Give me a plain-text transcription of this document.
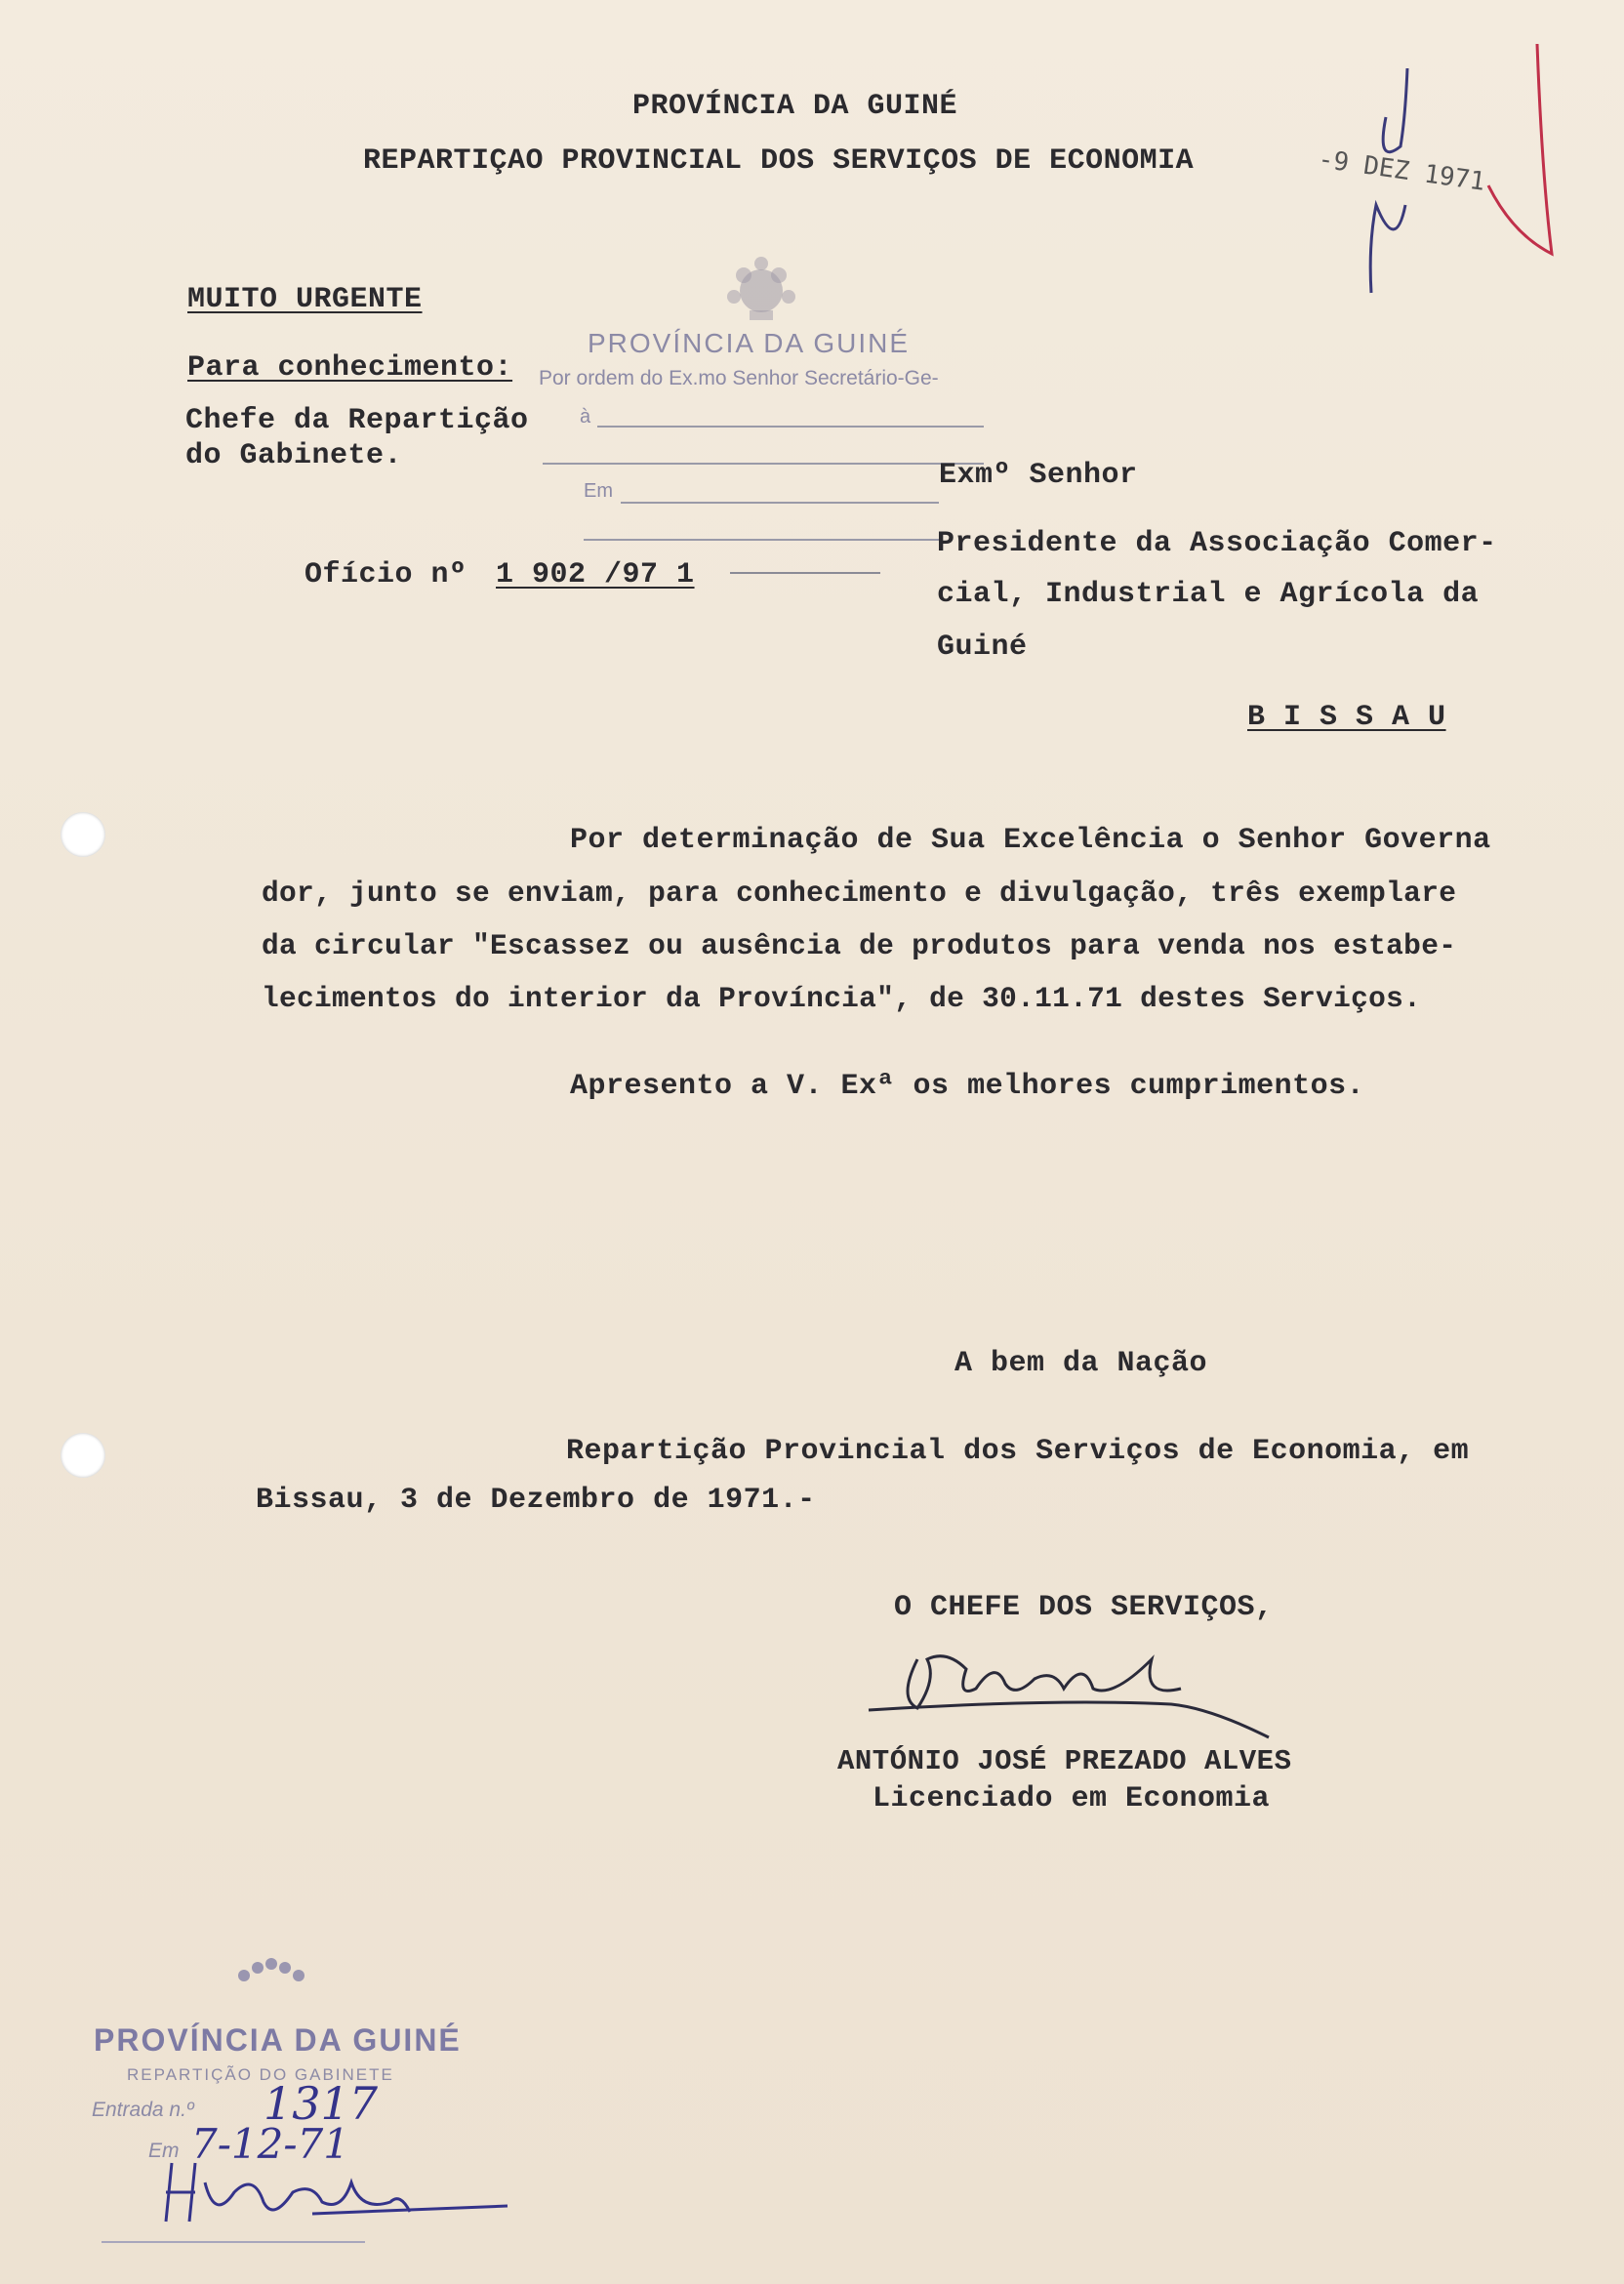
PROVÍNCIA DA GUINÉ
REPARTIÇAO PROVINCIAL DOS SERVIÇOS DE ECONOMIA	-9 DEZ 1971
MUITO URGENTE
PROVÍNCIA DA GUINÉ
Por ordem do Ex.mo Senhor Secretário-Ge-
à
Em
Para conhecimento:
Chefe da Repartição
do Gabinete.
Exmº Senhor
Presidente da Associação Comer-
cial, Industrial e Agrícola da
Guiné
B I S S A U
Ofício nº 1 902 /97 1
Por determinação de Sua Excelência o Senhor Governa
dor, junto se enviam, para conhecimento e divulgação, três exemplare
da circular "Escassez ou ausência de produtos para venda nos estabe-
lecimentos do interior da Província", de 30.11.71 destes Serviços.
Apresento a V. Exª os melhores cumprimentos.
A bem da Nação
Repartição Provincial dos Serviços de Economia, em
Bissau, 3 de Dezembro de 1971.-
O CHEFE DOS SERVIÇOS,
ANTÓNIO JOSÉ PREZADO ALVES
Licenciado em Economia
PROVÍNCIA DA GUINÉ
REPARTIÇÃO DO GABINETE
Entrada n.º 1317
Em 7-12-71
